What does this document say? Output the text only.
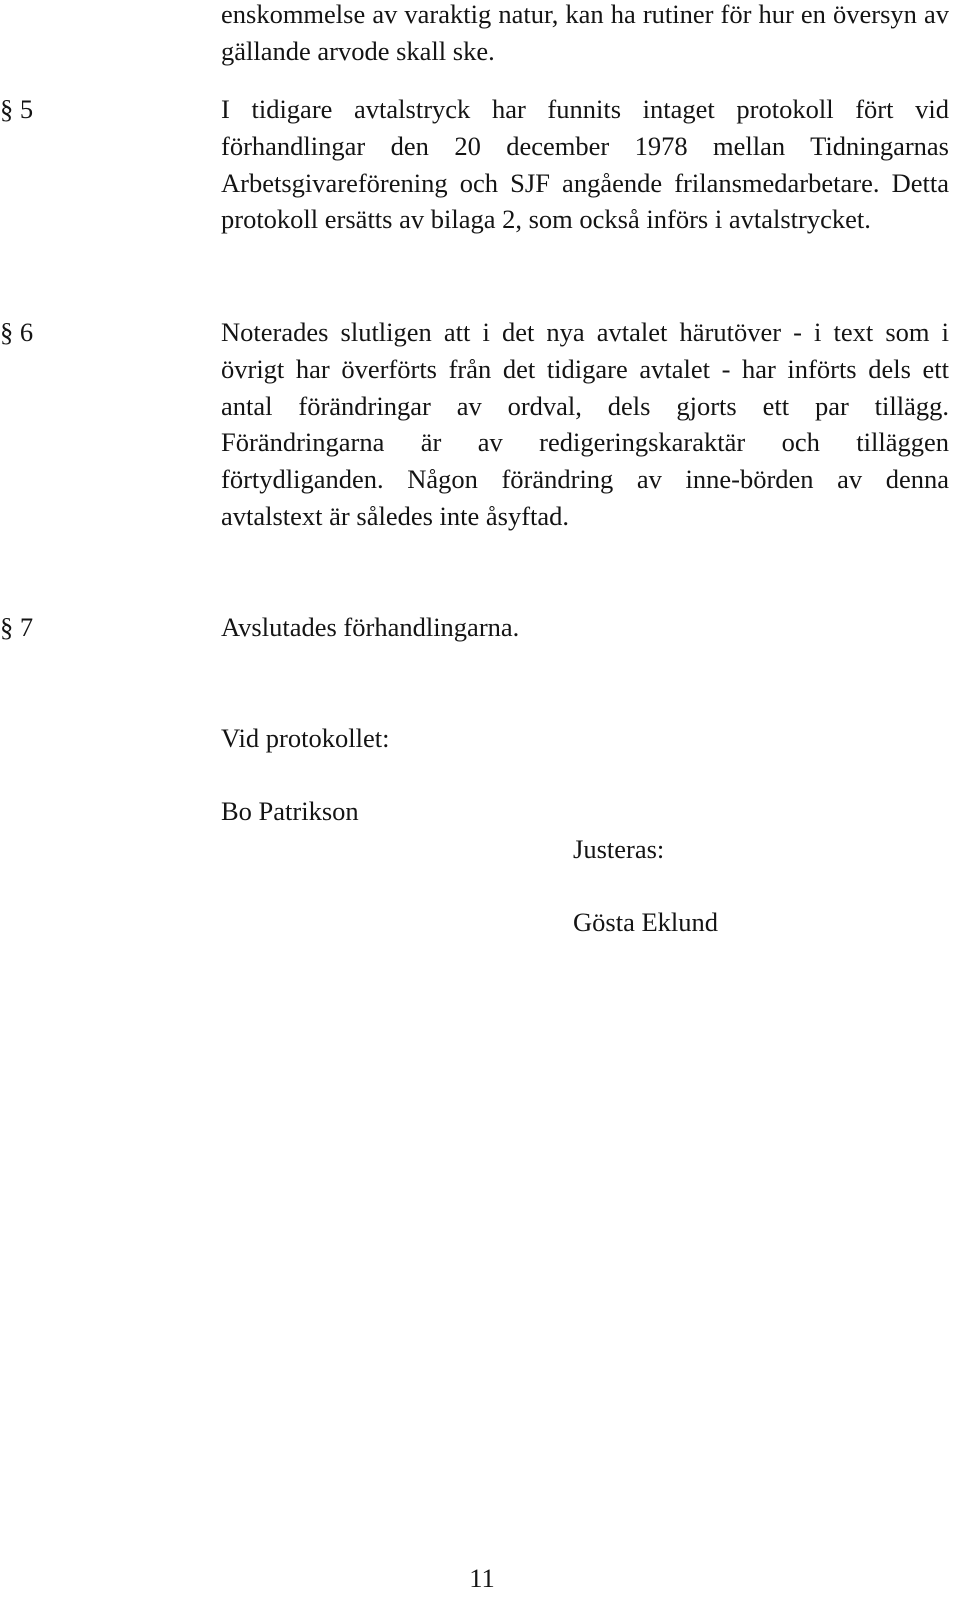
enskommelse av varaktig natur, kan ha rutiner för hur en översyn av gällande arvode skall ske.

§ 5	I tidigare avtalstryck har funnits intaget protokoll fört vid förhandlingar den 20 december 1978 mellan Tidningarnas Arbetsgivareförening och SJF angående frilansmedarbetare. Detta protokoll ersätts av bilaga 2, som också införs i avtalstrycket.

§ 6	Noterades slutligen att i det nya avtalet härutöver - i text som i övrigt har överförts från det tidigare avtalet - har införts dels ett antal förändringar av ordval, dels gjorts ett par tillägg. Förändringarna är av redigeringskaraktär och tilläggen förtydliganden. Någon förändring av inne-börden av denna avtalstext är således inte åsyftad.

§ 7	Avslutades förhandlingarna.

Vid protokollet:

Bo Patrikson

Justeras:

Gösta Eklund

11
